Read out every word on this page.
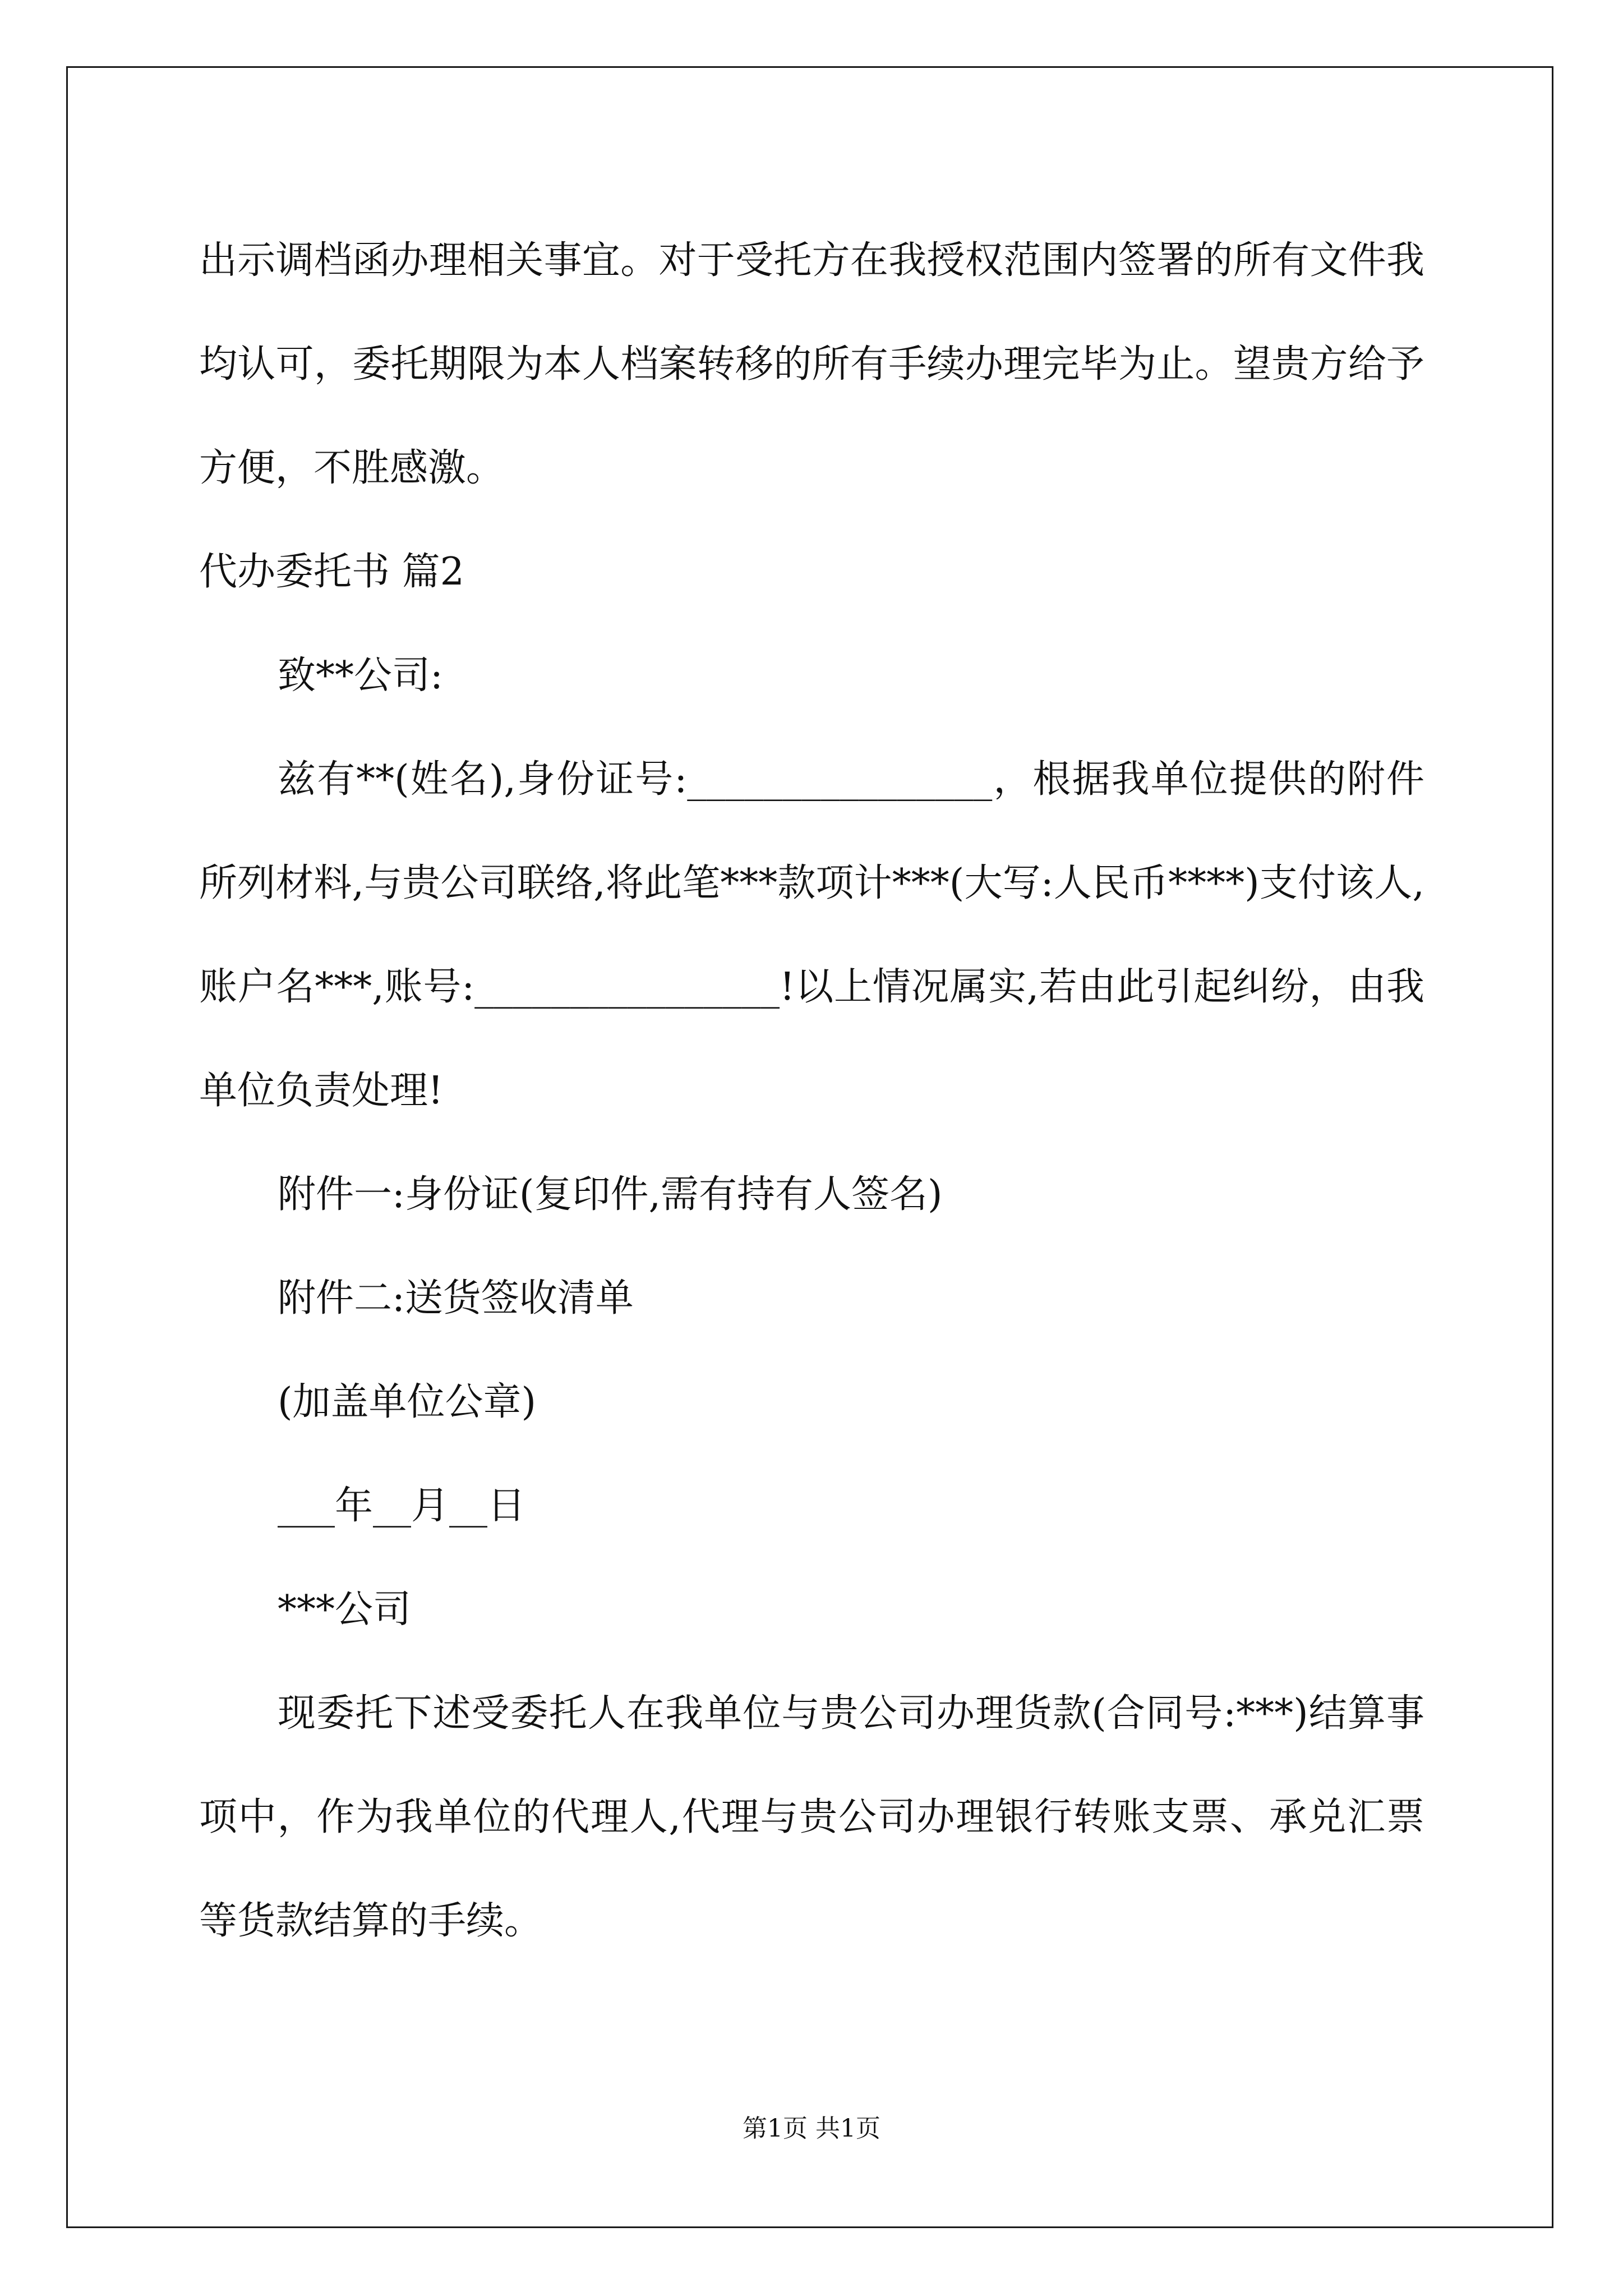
出示调档函办理相关事宜。对于受托方在我授权范围内签署的所有文件我均认可，委托期限为本人档案转移的所有手续办理完毕为止。望贵方给予方便，不胜感激。

代办委托书 篇2

致**公司:

兹有**(姓名),身份证号:________________，根据我单位提供的附件所列材料,与贵公司联络,将此笔***款项计***(大写:人民币****)支付该人,账户名***,账号:________________!以上情况属实,若由此引起纠纷，由我单位负责处理!

附件一:身份证(复印件,需有持有人签名)

附件二:送货签收清单

(加盖单位公章)

___年__月__日

***公司

现委托下述受委托人在我单位与贵公司办理货款(合同号:***)结算事项中，作为我单位的代理人,代理与贵公司办理银行转账支票、承兑汇票等货款结算的手续。

第1页 共1页
